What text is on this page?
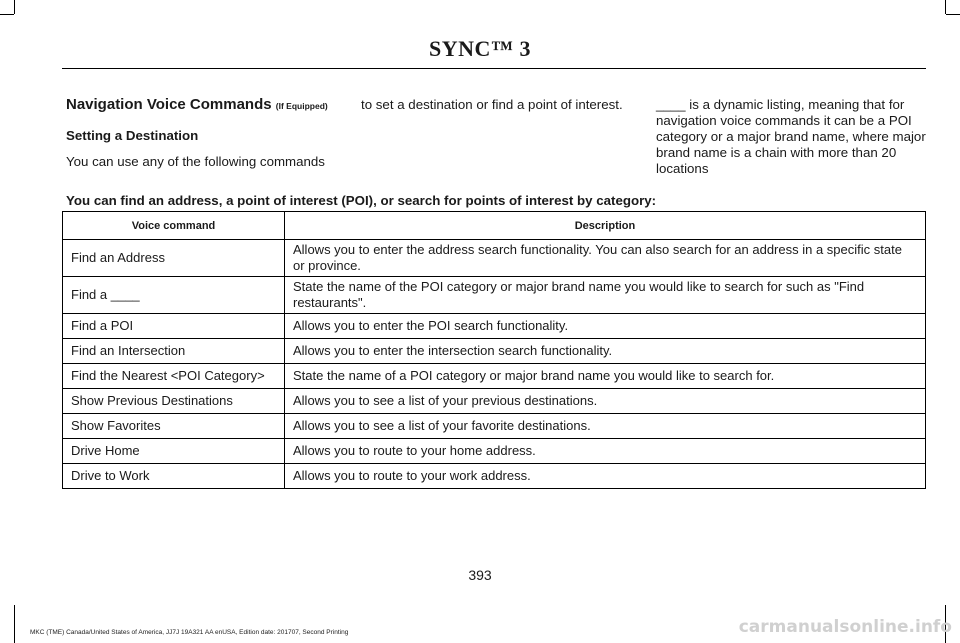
SYNC™ 3
Navigation Voice Commands (If Equipped)
Setting a Destination
You can use any of the following commands
to set a destination or find a point of interest.	____ is a dynamic listing, meaning that for navigation voice commands it can be a POI category or a major brand name, where major brand name is a chain with more than 20 locations
You can find an address, a point of interest (POI), or search for points of interest by category:
Voice command	Description
Find an Address	Allows you to enter the address search functionality. You can also search for an address in a specific state or province.
Find a ____	State the name of the POI category or major brand name you would like to search for such as "Find restaurants".
Find a POI	Allows you to enter the POI search functionality.
Find an Intersection	Allows you to enter the intersection search functionality.
Find the Nearest <POI Category>	State the name of a POI category or major brand name you would like to search for.
Show Previous Destinations	Allows you to see a list of your previous destinations.
Show Favorites	Allows you to see a list of your favorite destinations.
Drive Home	Allows you to route to your home address.
Drive to Work	Allows you to route to your work address.
393
MKC (TME) Canada/United States of America, JJ7J 19A321 AA enUSA, Edition date: 201707, Second Printing	carmanualsonline.info
